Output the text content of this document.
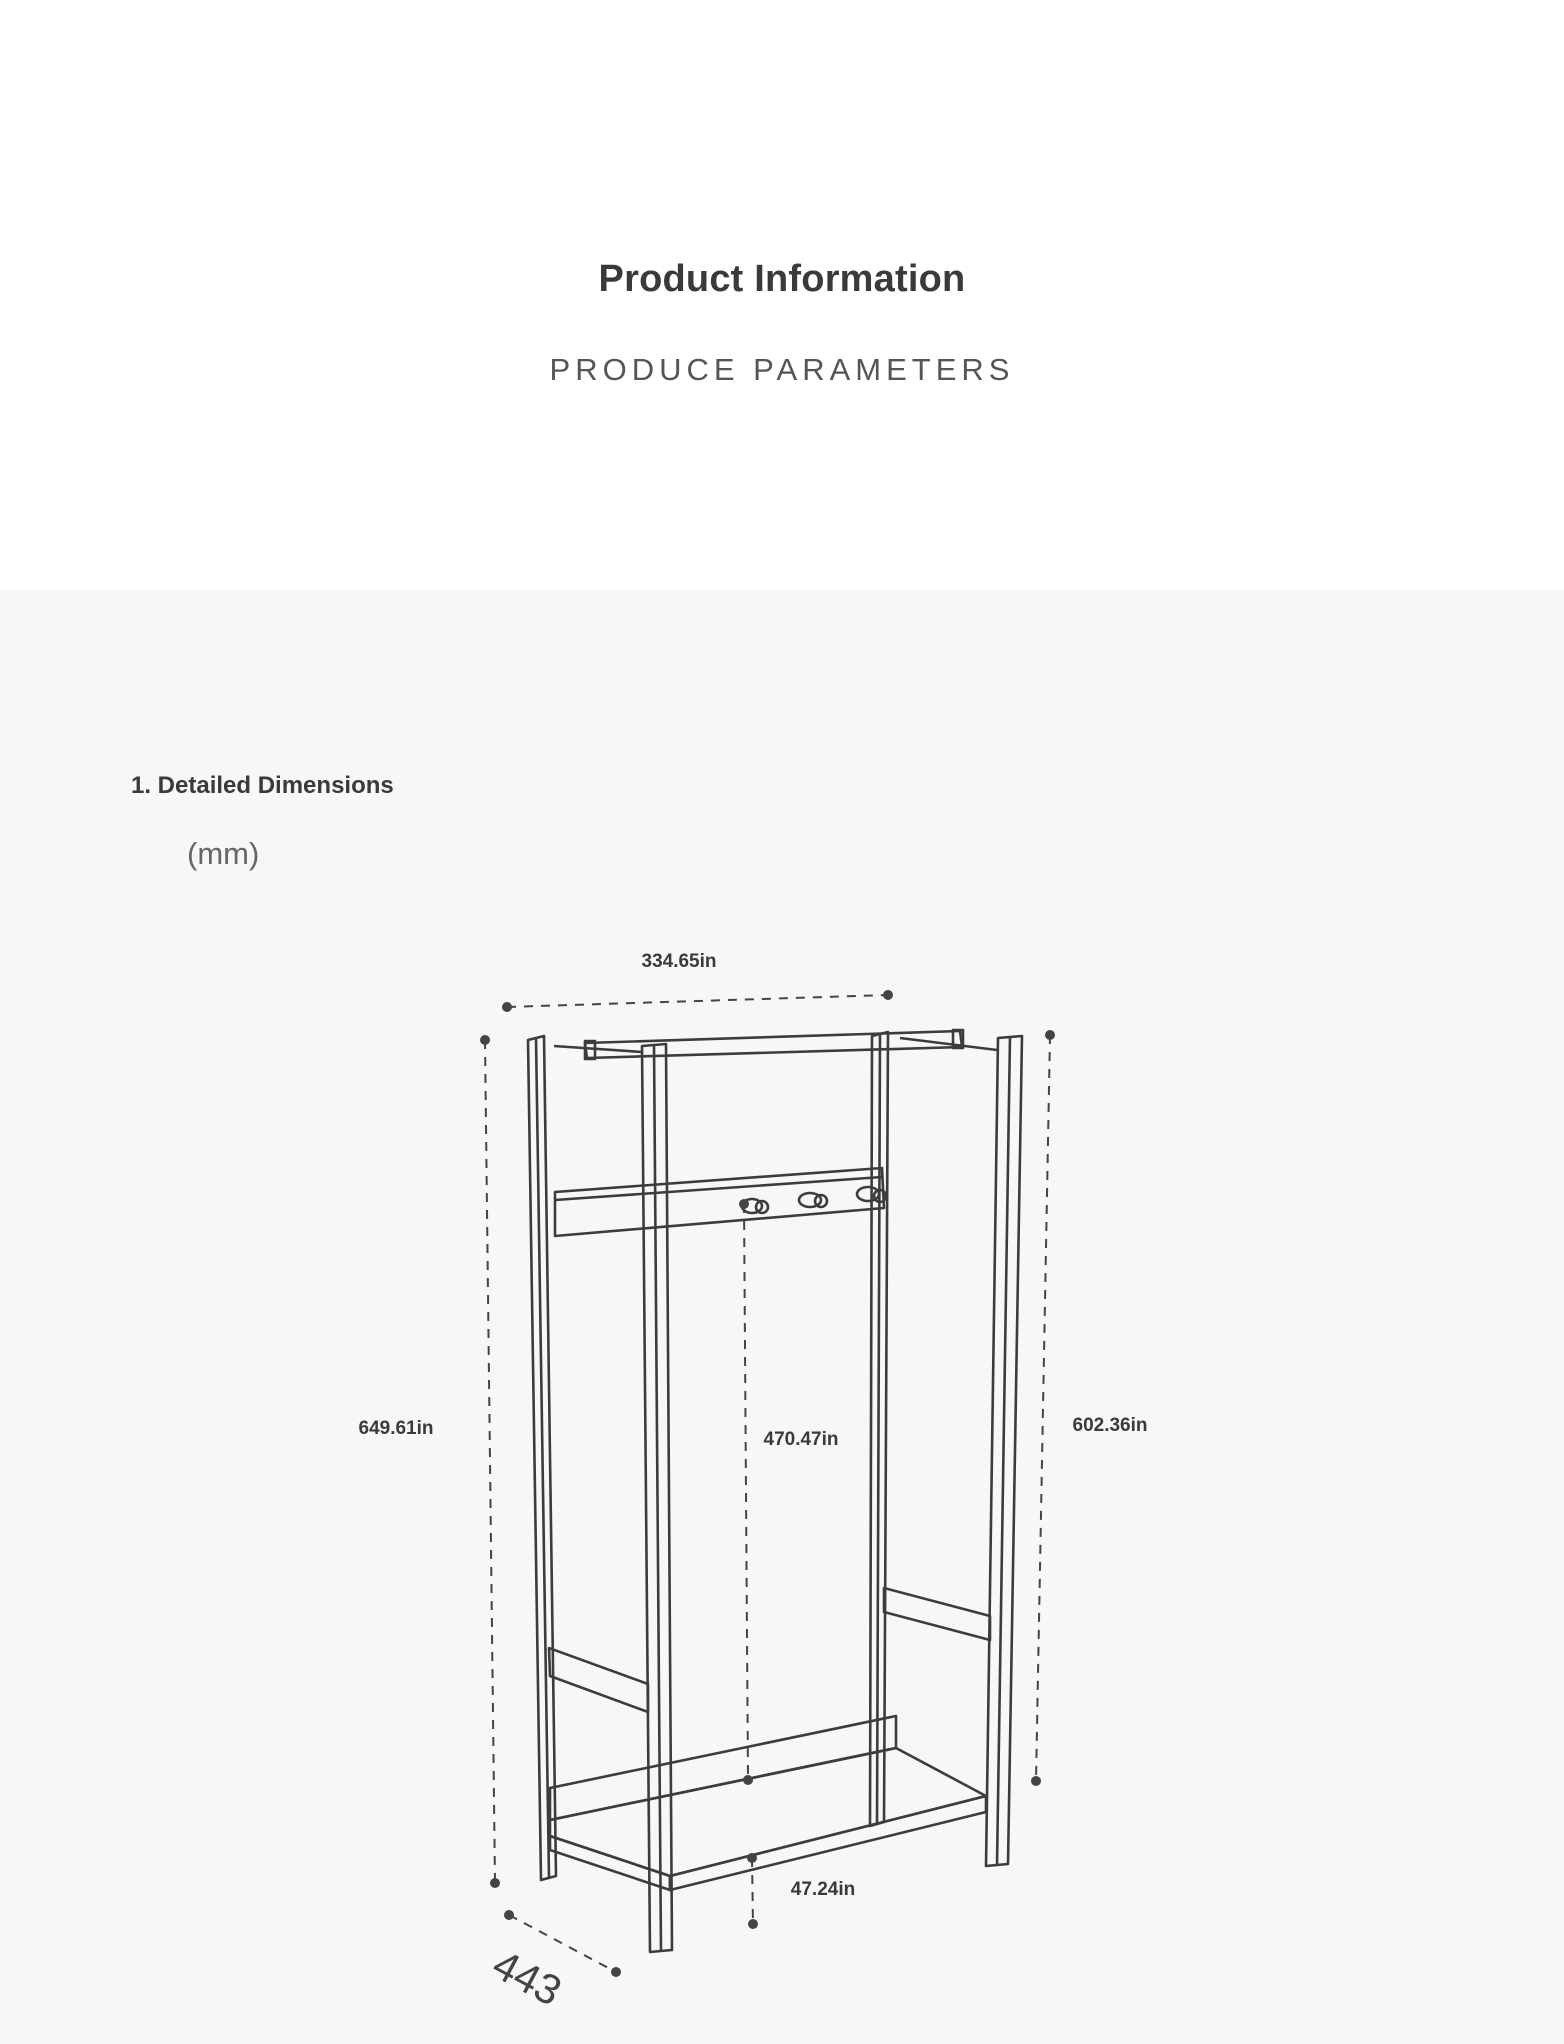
Product Information
PRODUCE PARAMETERS
1. Detailed Dimensions
(mm)
334.65in
649.61in
470.47in
602.36in
47.24in
443
